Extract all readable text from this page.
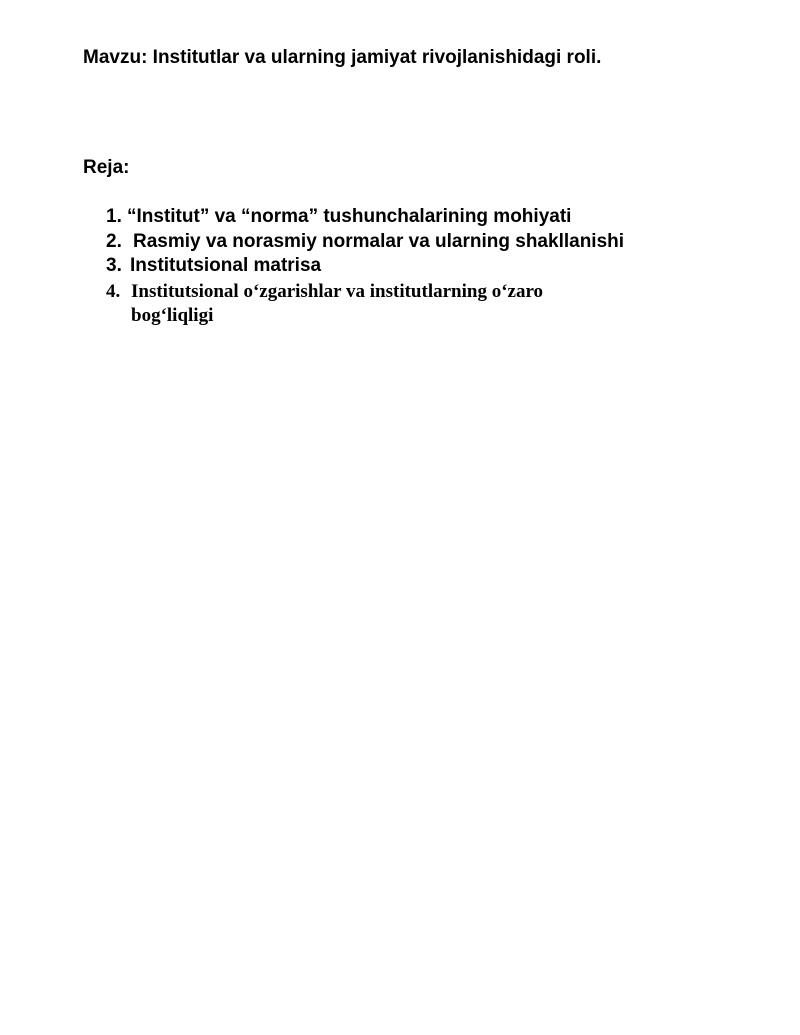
Mavzu: Institutlar va ularning jamiyat rivojlanishidagi roli.
Reja:
1. “Institut” va “norma” tushunchalarining mohiyati
2. Rasmiy va norasmiy normalar va ularning shakllanishi
3. Institutsional matrisa
4. Institutsional o‘zgarishlar va institutlarning o‘zaro bog‘liqligi
